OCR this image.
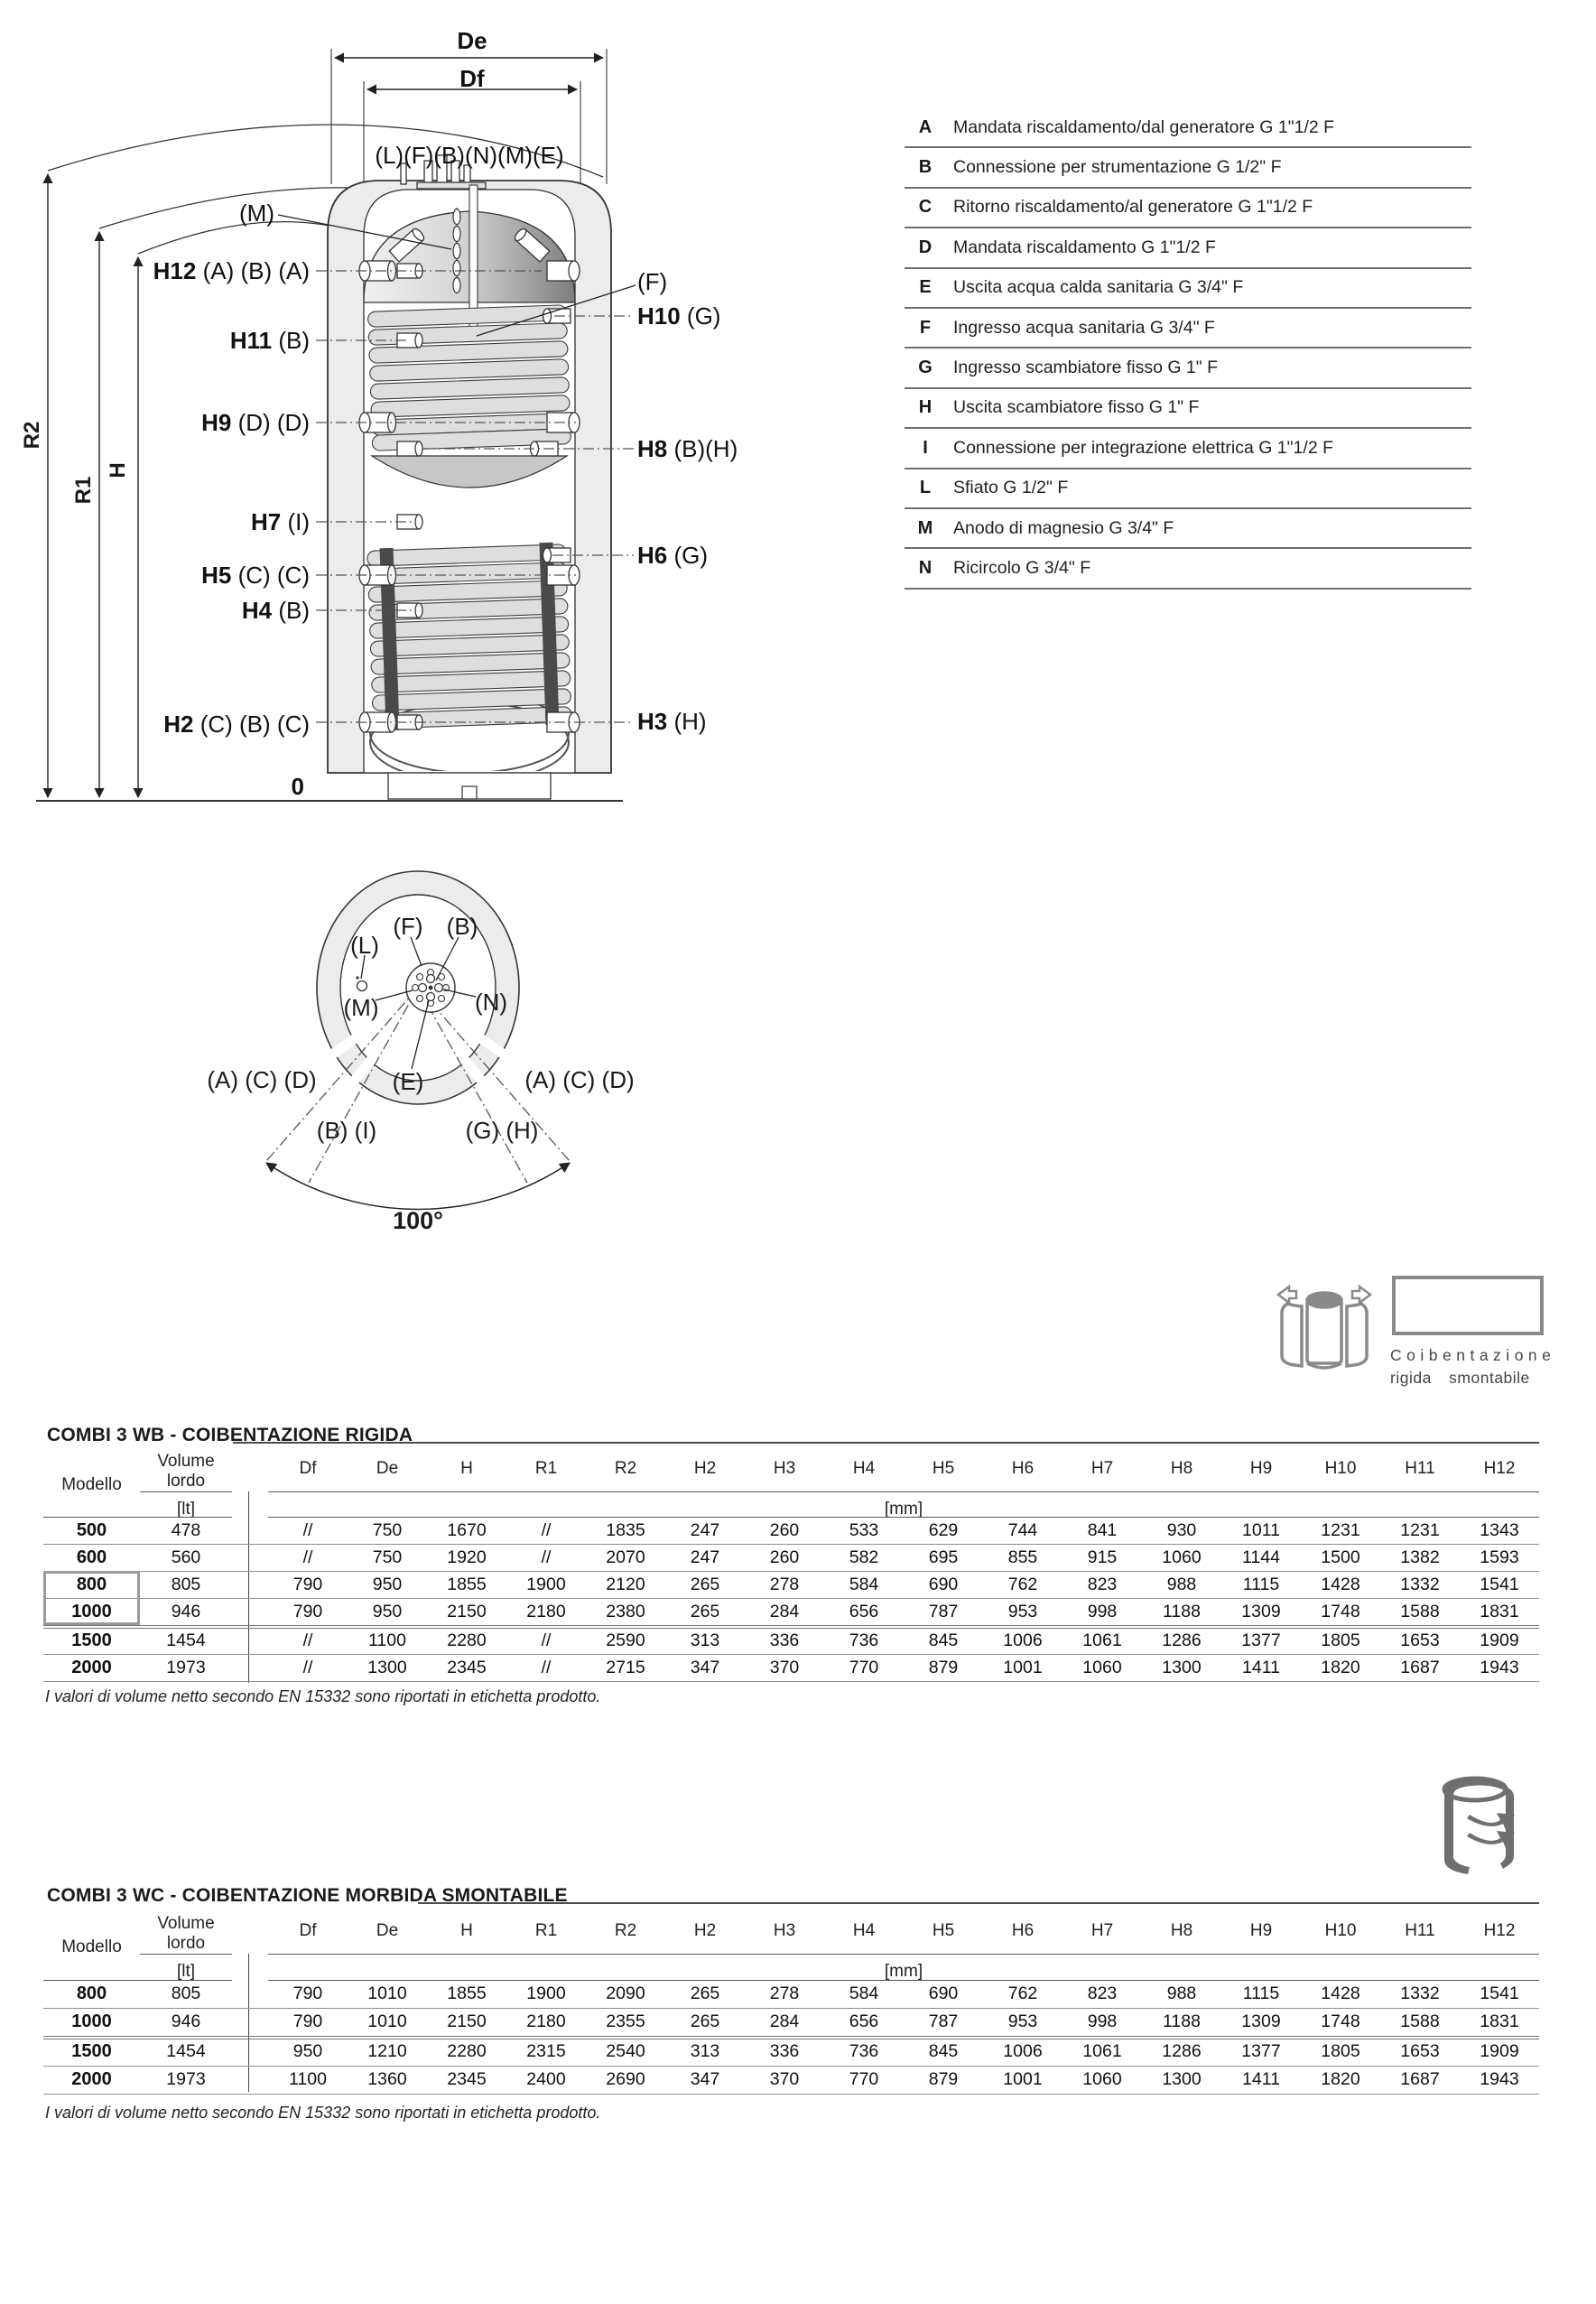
De
Df
(L)(F)(B)(N)(M)(E)
(M)
(F)
H12 (A) (B) (A)
H11 (B)
H9 (D) (D)
H7 (I)
H5 (C) (C)
H4 (B)
H2 (C) (B) (C)
H10 (G)
H8 (B)(H)
H6 (G)
H3 (H)
R2
R1
H
0
(F)	(B)
(L)
(M)	(N)
(E)
(A) (C) (D)	(A) (C) (D)
(B) (I)	(G) (H)
100°
A	Mandata riscaldamento/dal generatore G 1"1/2 F
B	Connessione per strumentazione G 1/2" F
C	Ritorno riscaldamento/al generatore G 1"1/2 F
D	Mandata riscaldamento G 1"1/2 F
E	Uscita acqua calda sanitaria G 3/4" F
F	Ingresso acqua sanitaria G 3/4" F
G	Ingresso scambiatore fisso G 1" F
H	Uscita scambiatore fisso G 1" F
I	Connessione per integrazione elettrica G 1"1/2 F
L	Sfiato G 1/2" F
M	Anodo di magnesio G 3/4" F
N	Ricircolo G 3/4" F
Coibentazione
rigida smontabile
COMBI 3 WB - COIBENTAZIONE RIGIDA
Volume
lordo
Modello
Df	De	H	R1	R2	H2	H3	H4	H5	H6	H7	H8	H9	H10	H11	H12
[lt]	[mm]
500	478	//	750	1670	//	1835	247	260	533	629	744	841	930	1011	1231	1231	1343
600	560	//	750	1920	//	2070	247	260	582	695	855	915	1060	1144	1500	1382	1593
800	805	790	950	1855	1900	2120	265	278	584	690	762	823	988	1115	1428	1332	1541
1000	946	790	950	2150	2180	2380	265	284	656	787	953	998	1188	1309	1748	1588	1831
1500	1454	//	1100	2280	//	2590	313	336	736	845	1006	1061	1286	1377	1805	1653	1909
2000	1973	//	1300	2345	//	2715	347	370	770	879	1001	1060	1300	1411	1820	1687	1943
I valori di volume netto secondo EN 15332 sono riportati in etichetta prodotto.
COMBI 3 WC - COIBENTAZIONE MORBIDA SMONTABILE
Volume
lordo
Modello
Df	De	H	R1	R2	H2	H3	H4	H5	H6	H7	H8	H9	H10	H11	H12
[lt]	[mm]
800	805	790	1010	1855	1900	2090	265	278	584	690	762	823	988	1115	1428	1332	1541
1000	946	790	1010	2150	2180	2355	265	284	656	787	953	998	1188	1309	1748	1588	1831
1500	1454	950	1210	2280	2315	2540	313	336	736	845	1006	1061	1286	1377	1805	1653	1909
2000	1973	1100	1360	2345	2400	2690	347	370	770	879	1001	1060	1300	1411	1820	1687	1943
I valori di volume netto secondo EN 15332 sono riportati in etichetta prodotto.
